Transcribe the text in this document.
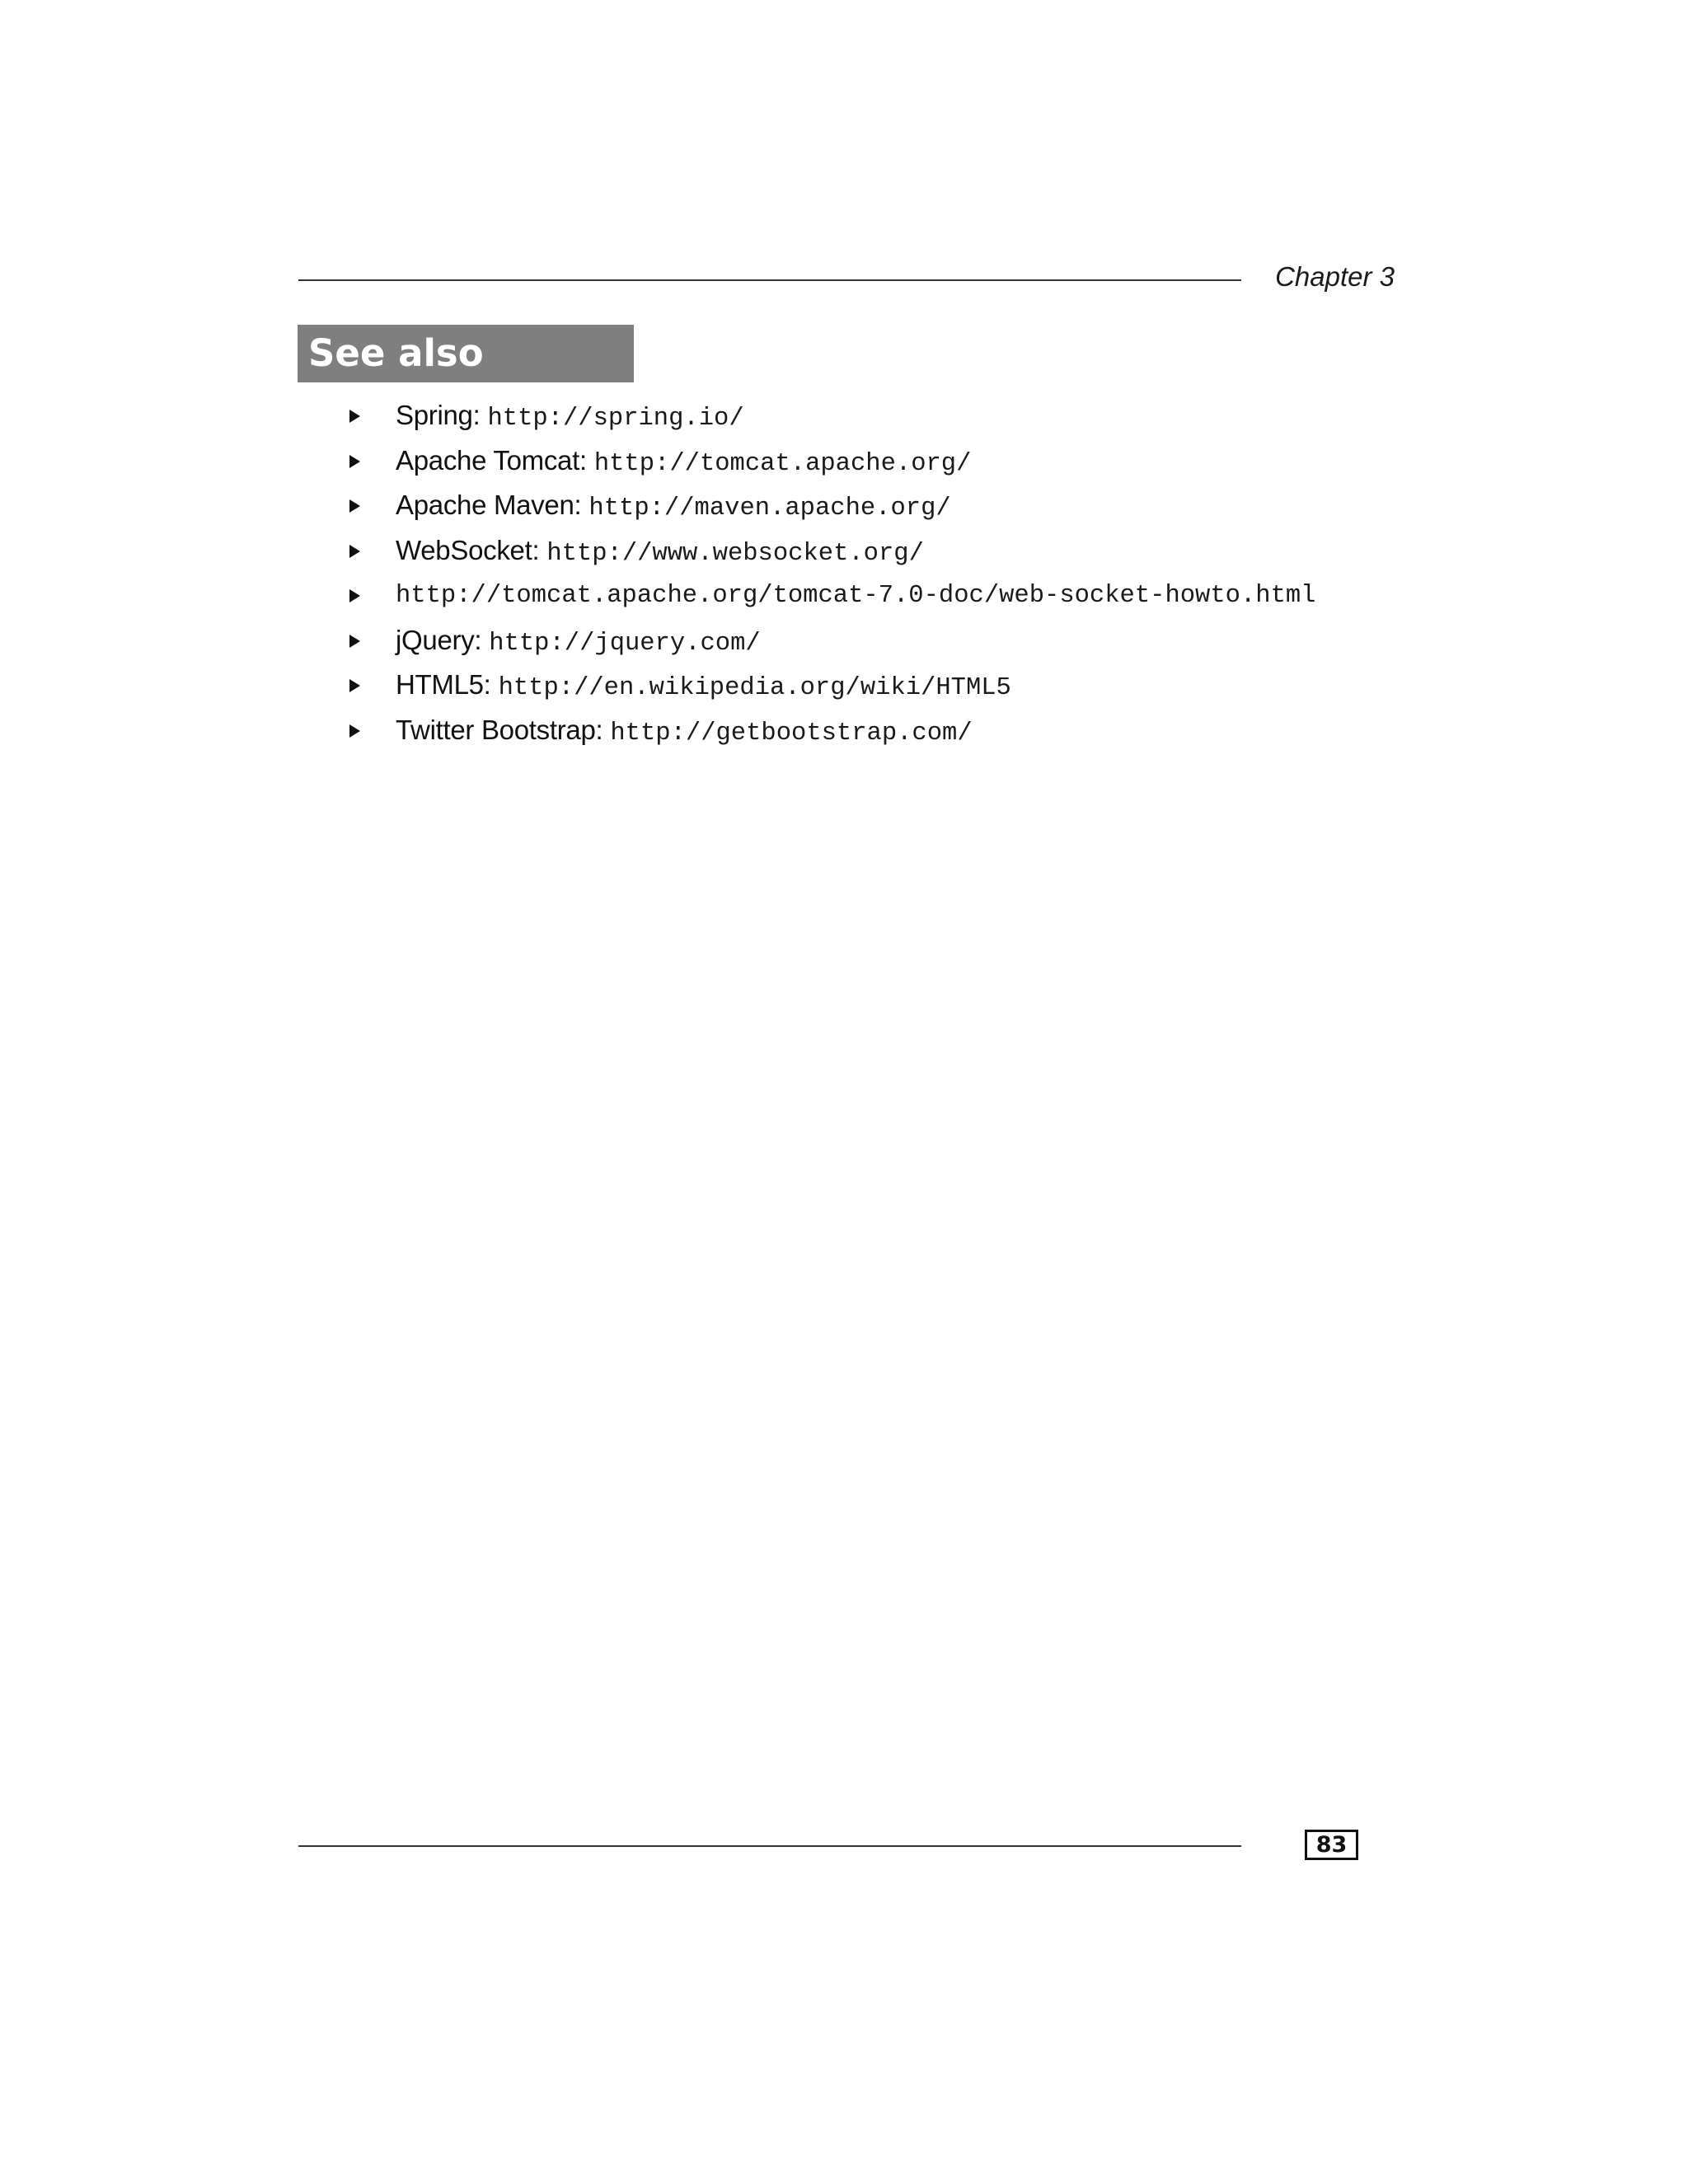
Chapter 3
See also
Spring: http://spring.io/
Apache Tomcat: http://tomcat.apache.org/
Apache Maven: http://maven.apache.org/
WebSocket: http://www.websocket.org/
http://tomcat.apache.org/tomcat-7.0-doc/web-socket-howto.html
jQuery: http://jquery.com/
HTML5: http://en.wikipedia.org/wiki/HTML5
Twitter Bootstrap: http://getbootstrap.com/
83
